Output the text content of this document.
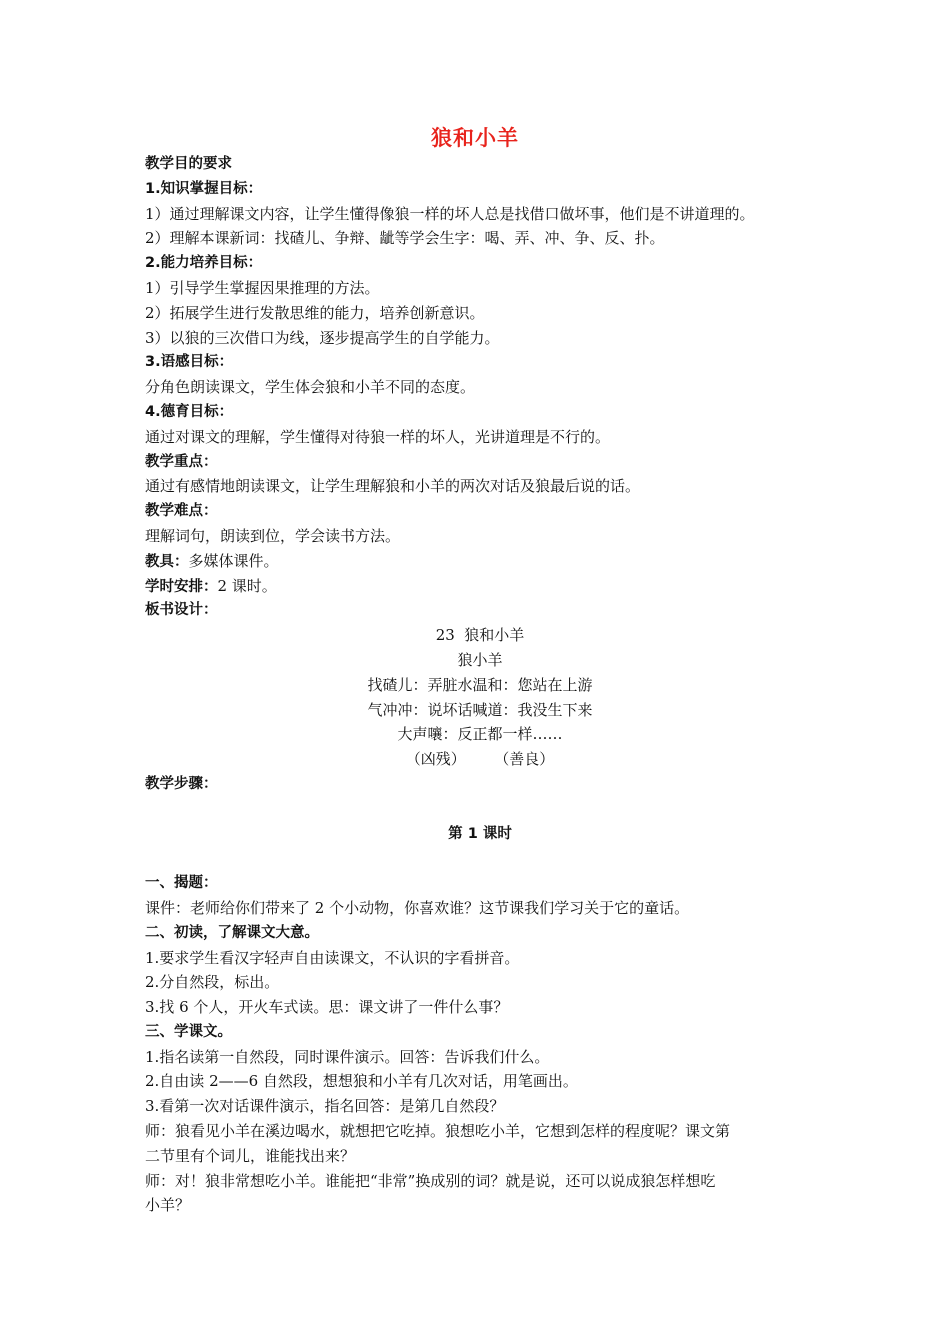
狼和小羊
教学目的要求
1.知识掌握目标：
1）通过理解课文内容，让学生懂得像狼一样的坏人总是找借口做坏事，他们是不讲道理的。
2）理解本课新词：找碴儿、争辩、龇等学会生字：喝、弄、冲、争、反、扑。
2.能力培养目标：
1）引导学生掌握因果推理的方法。
2）拓展学生进行发散思维的能力，培养创新意识。
3）以狼的三次借口为线，逐步提高学生的自学能力。
3.语感目标：
分角色朗读课文，学生体会狼和小羊不同的态度。
4.德育目标：
通过对课文的理解，学生懂得对待狼一样的坏人，光讲道理是不行的。
教学重点：
通过有感情地朗读课文，让学生理解狼和小羊的两次对话及狼最后说的话。
教学难点：
理解词句，朗读到位，学会读书方法。
教具：多媒体课件。
学时安排：2 课时。
板书设计：
23  狼和小羊
狼小羊
找碴儿：弄脏水温和：您站在上游
气冲冲：说坏话喊道：我没生下来
大声嚷：反正都一样……
（凶残）      （善良）
教学步骤：
第 1 课时
一、揭题：
课件：老师给你们带来了 2 个小动物，你喜欢谁？这节课我们学习关于它的童话。
二、初读，了解课文大意。
1.要求学生看汉字轻声自由读课文，不认识的字看拼音。
2.分自然段，标出。
3.找 6 个人，开火车式读。思：课文讲了一件什么事？
三、学课文。
1.指名读第一自然段，同时课件演示。回答：告诉我们什么。
2.自由读 2——6 自然段，想想狼和小羊有几次对话，用笔画出。
3.看第一次对话课件演示，指名回答：是第几自然段？
师：狼看见小羊在溪边喝水，就想把它吃掉。狼想吃小羊，它想到怎样的程度呢？课文第
二节里有个词儿，谁能找出来？
师：对！狼非常想吃小羊。谁能把“非常”换成别的词？就是说，还可以说成狼怎样想吃
小羊？
